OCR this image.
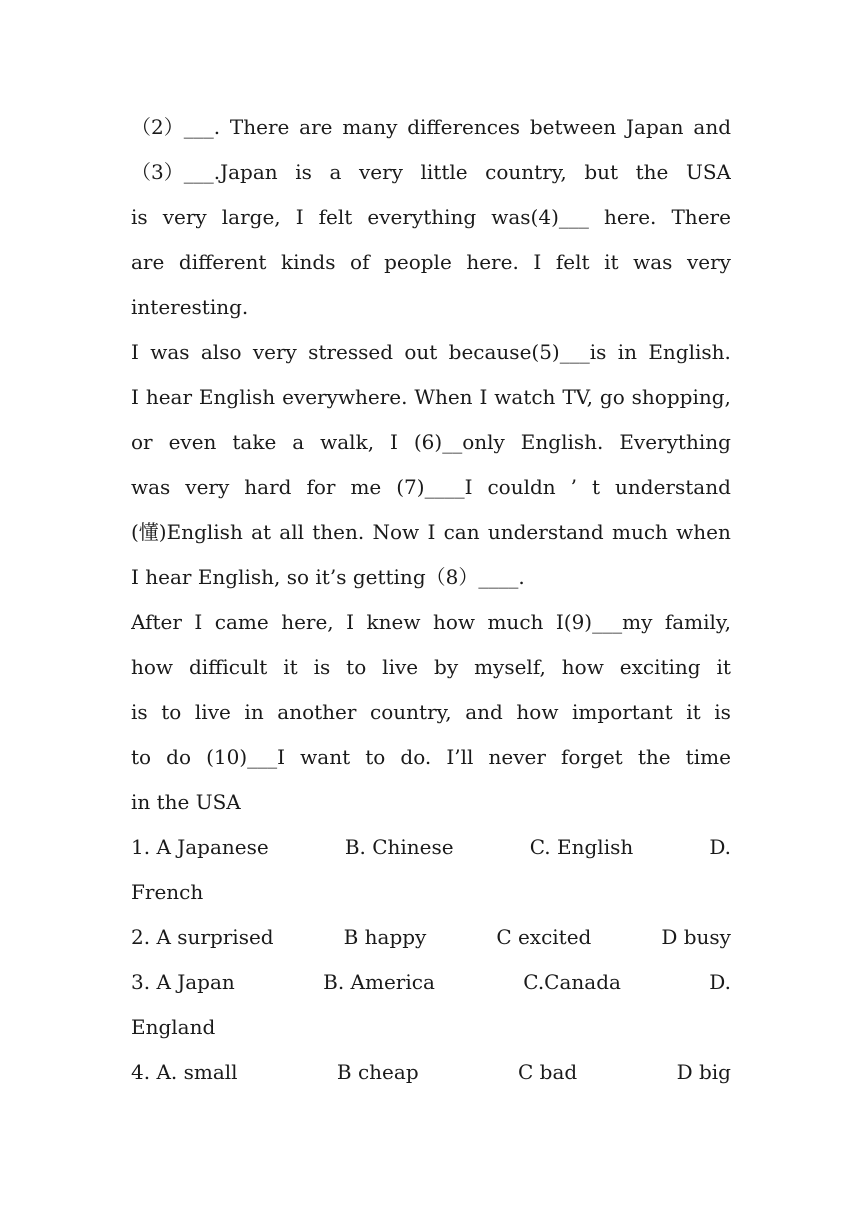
（2）___. There are many differences between Japan and
（3）___.Japan is a very little country, but the USA
is very large, I felt everything was(4)___ here. There
are different kinds of people here. I felt it was very
interesting.
I was also very stressed out because(5)___is in English.
I hear English everywhere. When I watch TV, go shopping,
or even take a walk, I (6)__only English. Everything
was very hard for me (7)____I couldn ’ t understand
(懂)English at all then. Now I can understand much when
I hear English, so it’s getting（8）____.
After I came here, I knew how much I(9)___my family,
how difficult it is to live by myself, how exciting it
is to live in another country, and how important it is
to do (10)___I want to do. I’ll never forget the time
in the USA
1. A Japanese	B. Chinese	C. English	D.
French
2. A surprised	B happy	C excited	D busy
3. A Japan	B. America	C.Canada	D.
England
4. A. small	B cheap	C bad	D big
